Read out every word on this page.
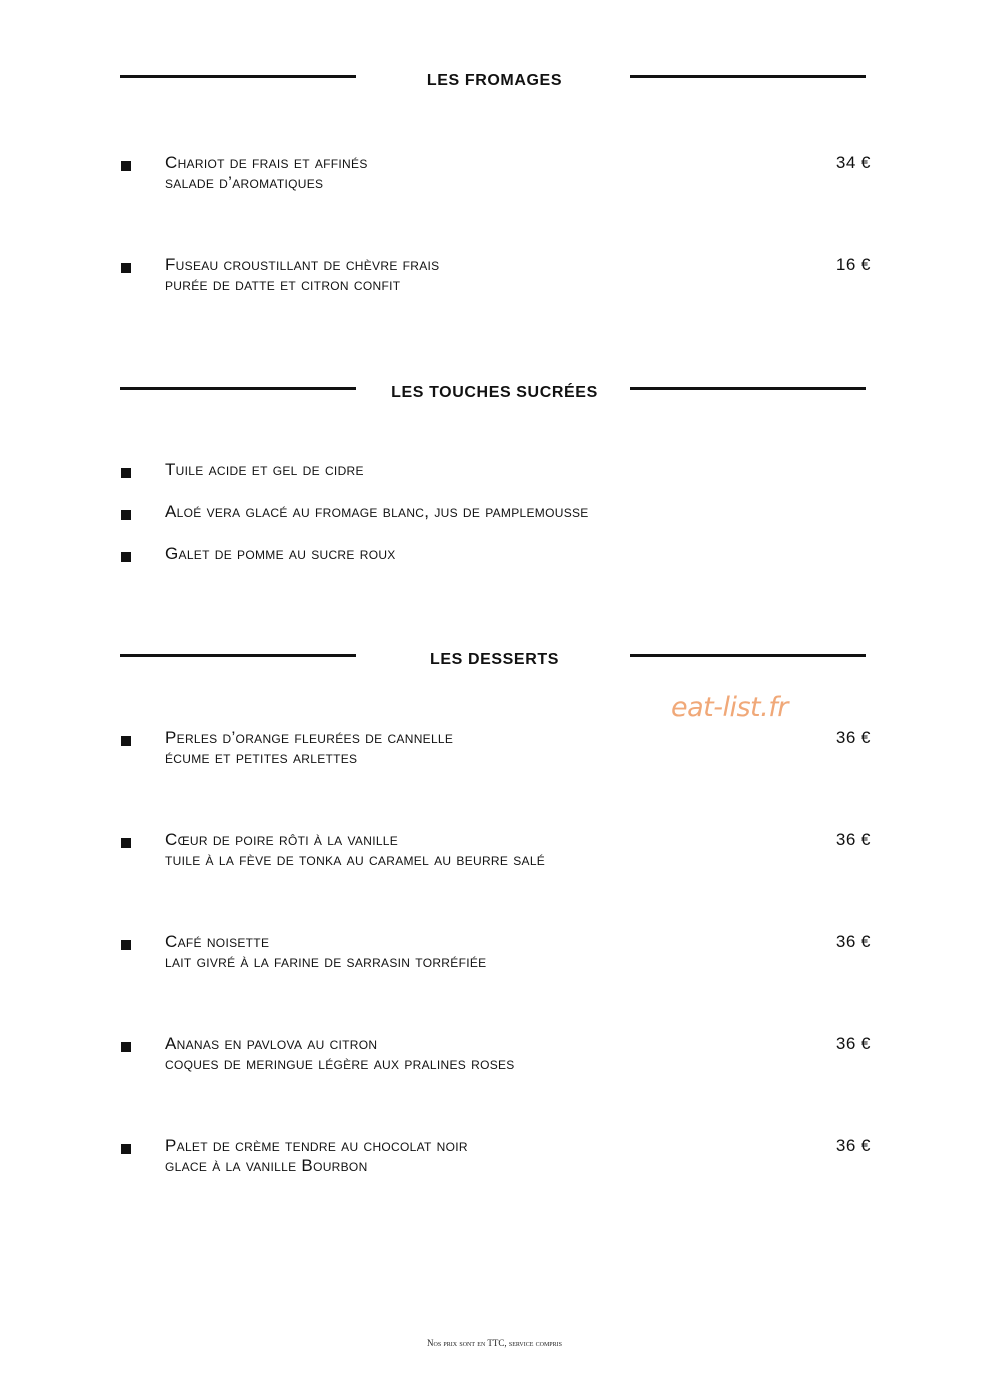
LES FROMAGES
Chariot de frais et affinés
salade d’aromatiques
34 €
Fuseau croustillant de chèvre frais
purée de datte et citron confit
16 €
LES TOUCHES SUCRÉES
Tuile acide et gel de cidre
Aloé vera glacé au fromage blanc, jus de pamplemousse
Galet de pomme au sucre roux
LES DESSERTS
eat-list.fr
Perles d’orange fleurées de cannelle
écume et petites arlettes
36 €
Cœur de poire rôti à la vanille
tuile à la fève de tonka au caramel au beurre salé
36 €
Café noisette
lait givré à la farine de sarrasin torréfiée
36 €
Ananas en pavlova au citron
coques de meringue légère aux pralines roses
36 €
Palet de crème tendre au chocolat noir
glace à la vanille Bourbon
36 €
Nos prix sont en TTC, service compris
